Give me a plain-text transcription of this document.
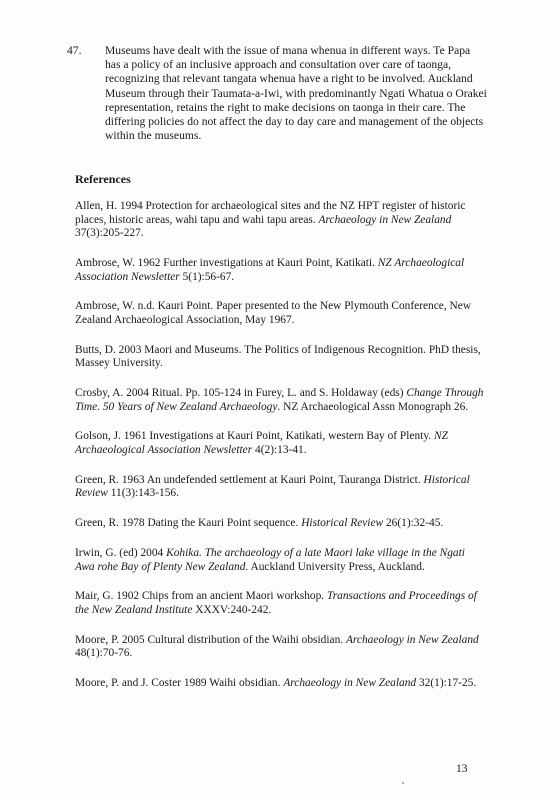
47. Museums have dealt with the issue of mana whenua in different ways. Te Papa has a policy of an inclusive approach and consultation over care of taonga, recognizing that relevant tangata whenua have a right to be involved. Auckland Museum through their Taumata-a-Iwi, with predominantly Ngati Whatua o Orakei representation, retains the right to make decisions on taonga in their care. The differing policies do not affect the day to day care and management of the objects within the museums.
References
Allen, H. 1994 Protection for archaeological sites and the NZ HPT register of historic places, historic areas, wahi tapu and wahi tapu areas. Archaeology in New Zealand 37(3):205-227.
Ambrose, W. 1962 Further investigations at Kauri Point, Katikati. NZ Archaeological Association Newsletter 5(1):56-67.
Ambrose, W. n.d. Kauri Point. Paper presented to the New Plymouth Conference, New Zealand Archaeological Association, May 1967.
Butts, D. 2003 Maori and Museums. The Politics of Indigenous Recognition. PhD thesis, Massey University.
Crosby, A. 2004 Ritual. Pp. 105-124 in Furey, L. and S. Holdaway (eds) Change Through Time. 50 Years of New Zealand Archaeology. NZ Archaeological Assn Monograph 26.
Golson, J. 1961 Investigations at Kauri Point, Katikati, western Bay of Plenty. NZ Archaeological Association Newsletter 4(2):13-41.
Green, R. 1963 An undefended settlement at Kauri Point, Tauranga District. Historical Review 11(3):143-156.
Green, R. 1978 Dating the Kauri Point sequence. Historical Review 26(1):32-45.
Irwin, G. (ed) 2004 Kohika. The archaeology of a late Maori lake village in the Ngati Awa rohe Bay of Plenty New Zealand. Auckland University Press, Auckland.
Mair, G. 1902 Chips from an ancient Maori workshop. Transactions and Proceedings of the New Zealand Institute XXXV:240-242.
Moore, P. 2005 Cultural distribution of the Waihi obsidian. Archaeology in New Zealand 48(1):70-76.
Moore, P. and J. Coster 1989 Waihi obsidian. Archaeology in New Zealand 32(1):17-25.
13
